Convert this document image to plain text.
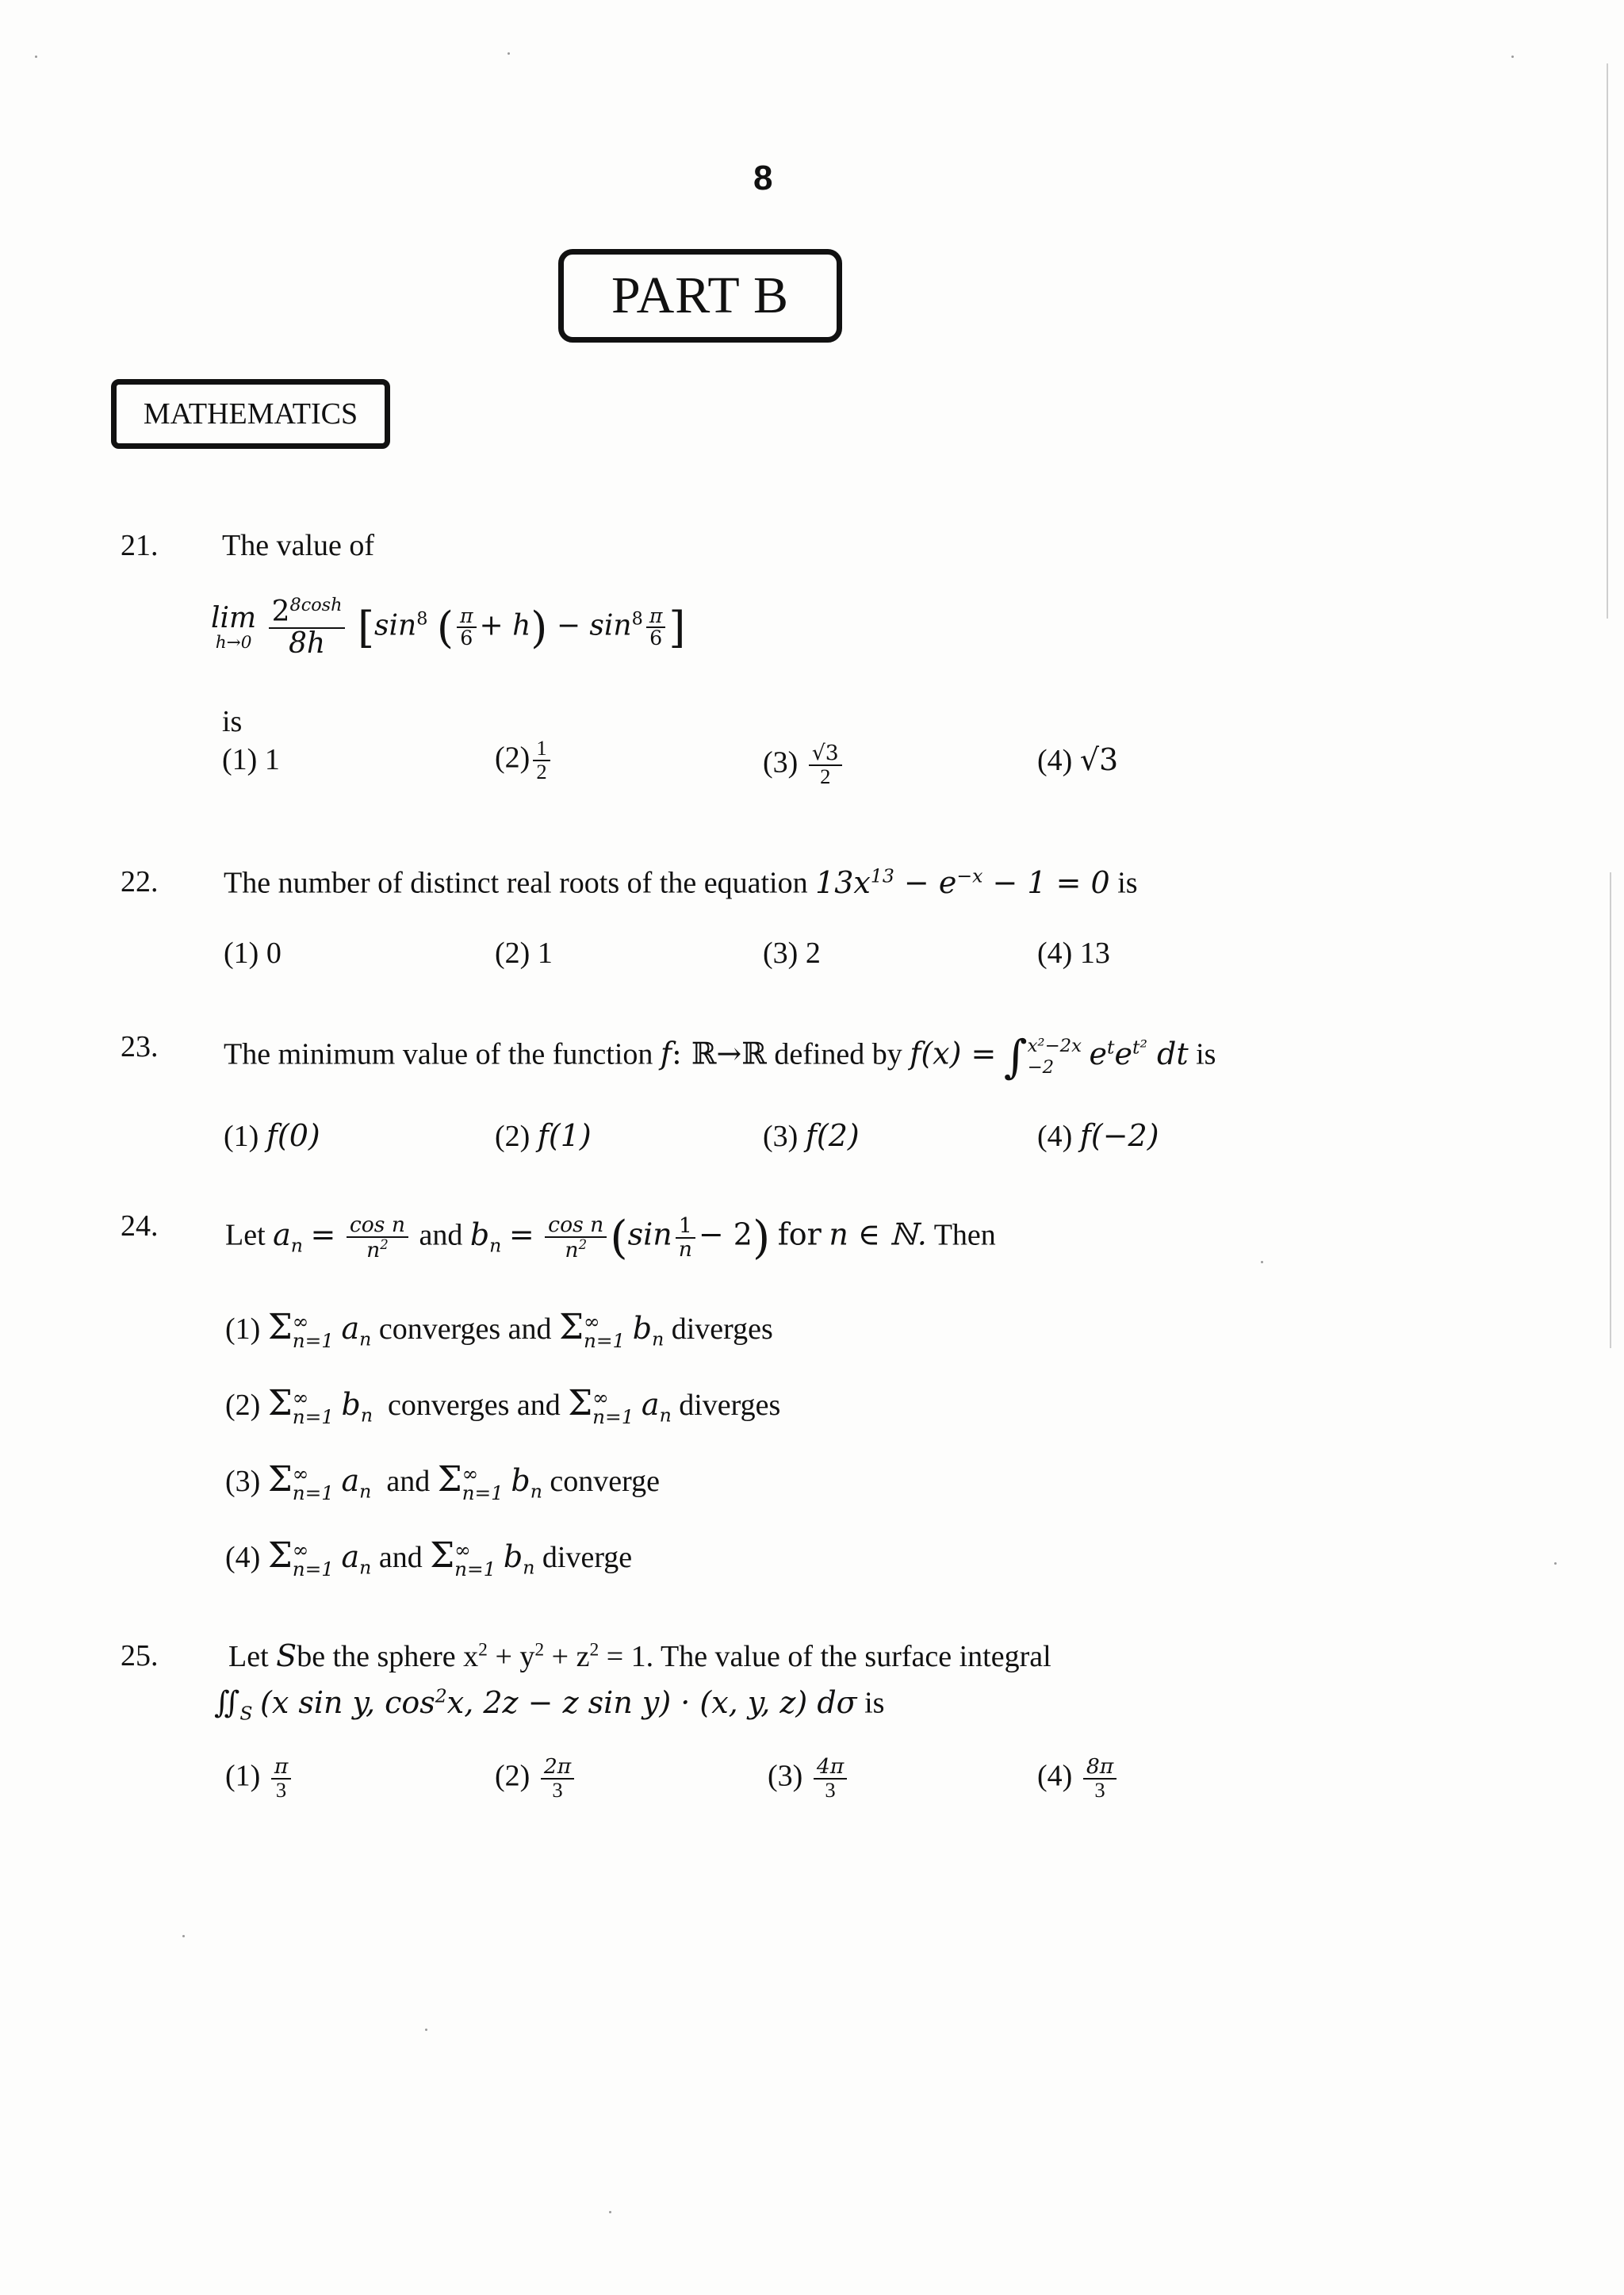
8
PART B
MATHEMATICS
21. The value of
lim
h→0
$\frac{2^{8cosh}}{8h} [\sin^8$ ( $\frac{\pi}{6} + h) - \sin^8 \frac{\pi}{6}$ ]
is
(1) 1	$(2) \frac{1}{2}$	$(3) \frac{√3}{2}$	(4) √3
22. The number of distinct real roots of the equation $13x^{13} - e^{-x} - 1 = 0$ is
(1) 0	(2) 1	(3) 2	(4) 13
23. The minimum value of the function f: ℝ→ℝ defined by f(x) = ∫ x²−2x
−2	$e^te^{t^2}$ dt is
(1) f(0)	(2) f(1)	(3) f(2)	(4) f(−2)
24. Let $a_n = \frac{\text{cos n}}{n^2}$ and $b_n = \frac{\text{cos n}}{n^2} (\sin \frac{1}{n} - 2)$ for n ∈ ℕ. Then
(1) Σ ∞
n=1 $a_n$ converges and Σ ∞
n=1 $b_n$ diverges
(2) Σ ∞
n=1 $b_n$ converges and Σ ∞
n=1 $a_n$ diverges
(3) Σ ∞
n=1 $a_n$ and Σ ∞
n=1 $b_n$ converge
(4) Σ ∞
n=1 $a_n$ and Σ ∞
n=1 $b_n$ diverge
25. Let Sbe the sphere $x^2 + y^2 + z^2 = 1$. The value of the surface integral
$∬_S$ (x sin y, $\cos^2x$, 2z − z sin y) · (x, y, z) dσ is
$(1) \frac{\pi}{3}$	$(2) \frac{2\pi}{3}$	$(3) \frac{4\pi}{3}$	$(4) \frac{8\pi}{3}$
